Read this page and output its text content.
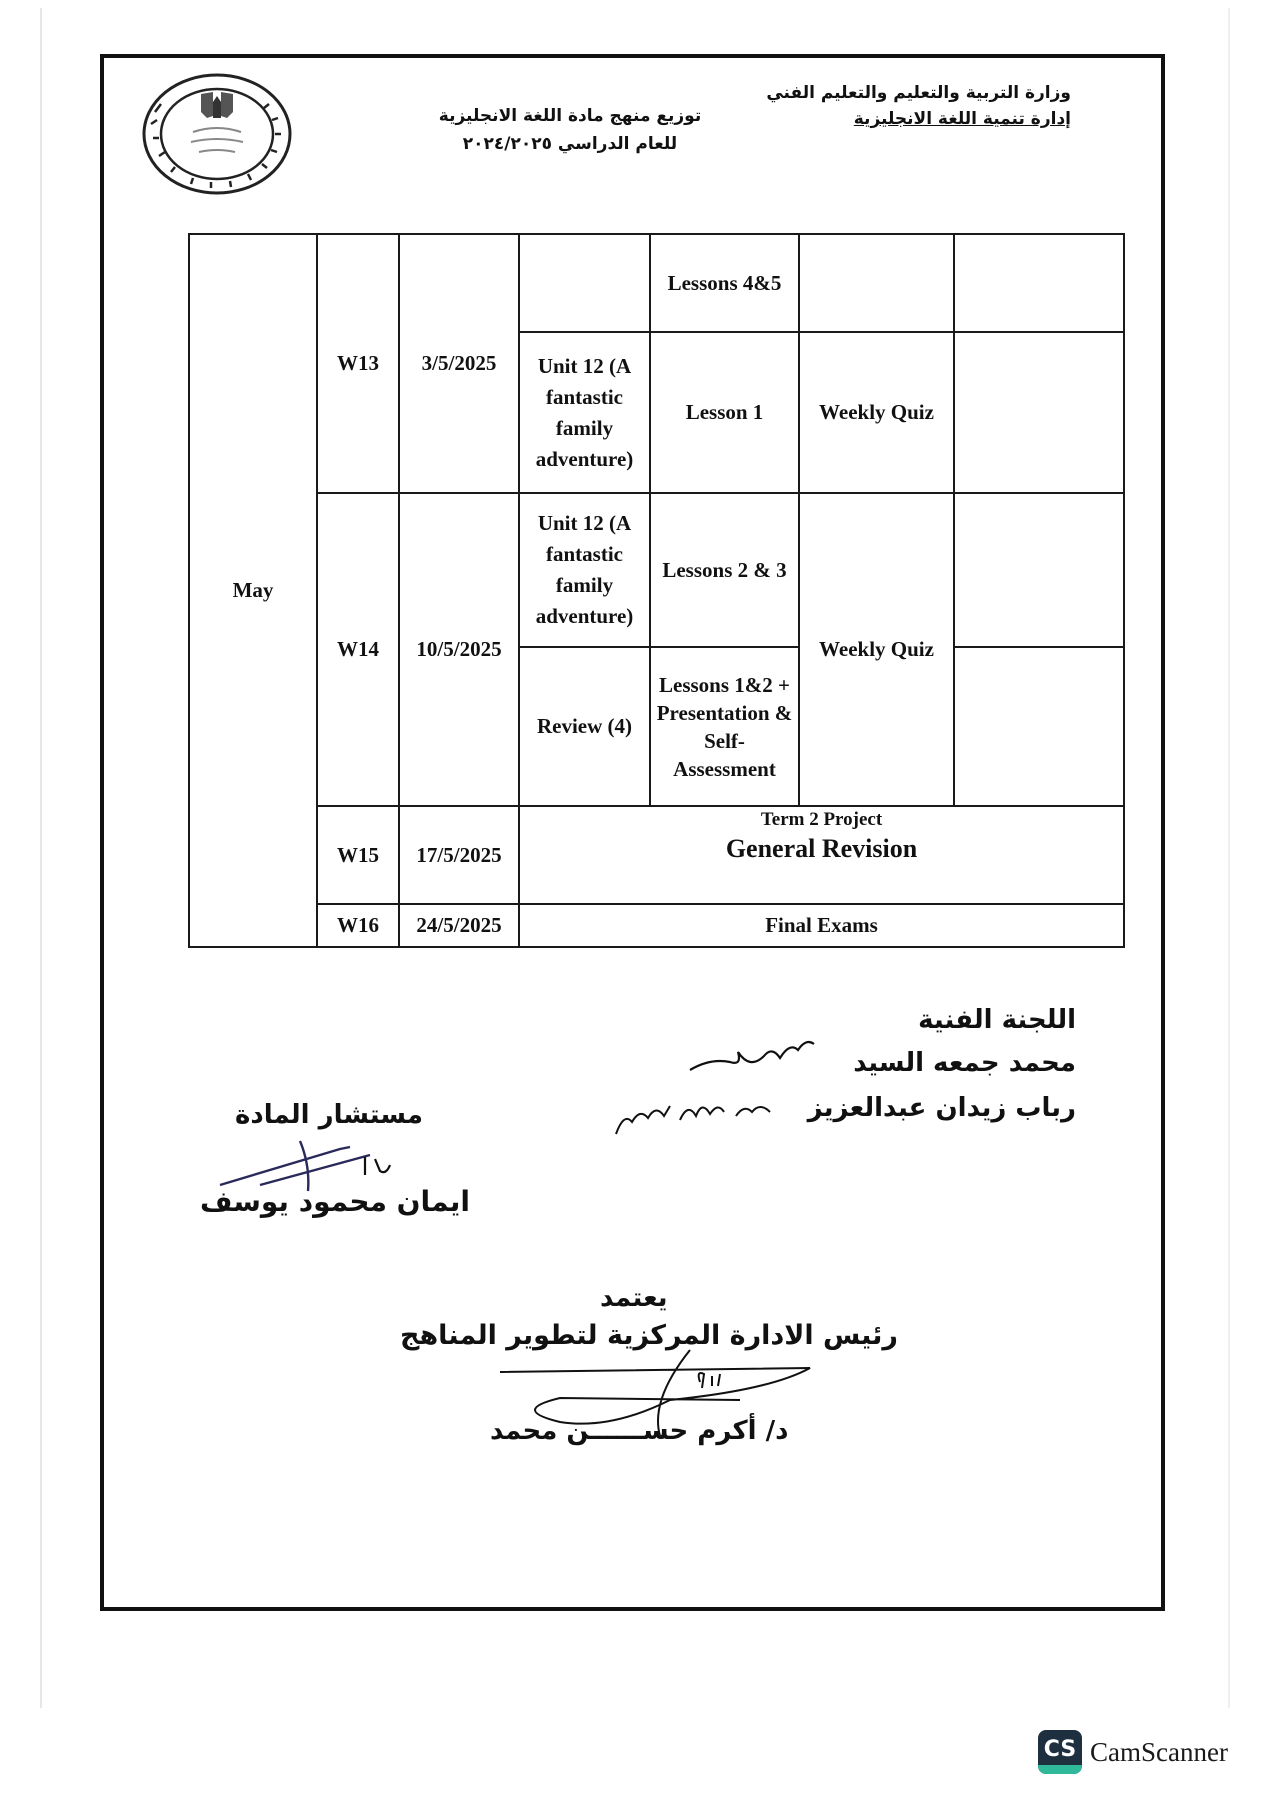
وزارة التربية والتعليم والتعليم الفني
إدارة تنمية اللغة الانجليزية
توزيع منهج مادة اللغة الانجليزية
للعام الدراسي ٢٠٢٤/٢٠٢٥
May	W13	3/5/2025		Lessons 4&5		
			Unit 12 (A fantastic family adventure)	Lesson 1	Weekly Quiz	
	W14	10/5/2025	Unit 12 (A fantastic family adventure)	Lessons 2 & 3	Weekly Quiz	
			Review (4)	Lessons 1&2 + Presentation & Self-Assessment		
	W15	17/5/2025	Term 2 Project
General Revision			

	W16	24/5/2025	Final Exams			
اللجنة الفنية
محمد جمعه السيد
رباب زيدان عبدالعزيز
مستشار المادة
ايمان محمود يوسف
يعتمد
رئيس الادارة المركزية لتطوير المناهج
د/ أكرم حســــــن محمد
CS CamScanner
